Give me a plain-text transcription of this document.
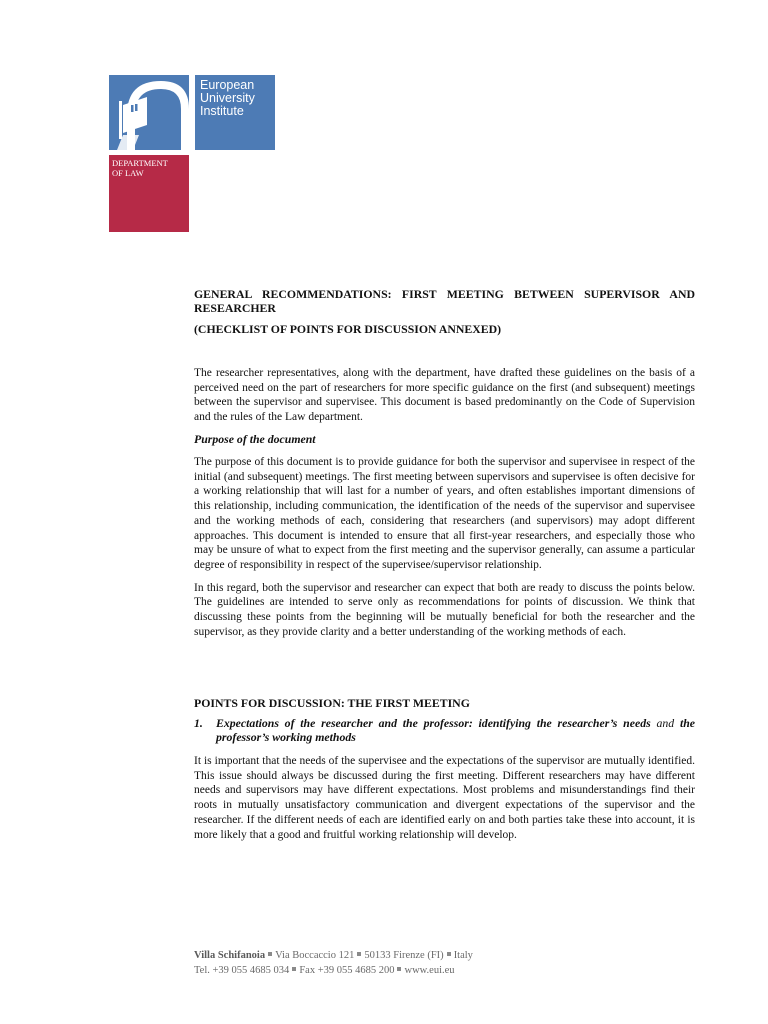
European
University
Institute
DEPARTMENT
OF LAW

GENERAL RECOMMENDATIONS: FIRST MEETING BETWEEN SUPERVISOR AND RESEARCHER

(CHECKLIST OF POINTS FOR DISCUSSION ANNEXED)

The researcher representatives, along with the department, have drafted these guidelines on the basis of a perceived need on the part of researchers for more specific guidance on the first (and subsequent) meetings between the supervisor and supervisee. This document is based predominantly on the Code of Supervision and the rules of the Law department.

Purpose of the document

The purpose of this document is to provide guidance for both the supervisor and supervisee in respect of the initial (and subsequent) meetings. The first meeting between supervisors and supervisee is often decisive for a working relationship that will last for a number of years, and often establishes important dimensions of this relationship, including communication, the identification of the needs of the supervisor and supervisee and the working methods of each, considering that researchers (and supervisors) may adopt different approaches. This document is intended to ensure that all first-year researchers, and especially those who may be unsure of what to expect from the first meeting and the supervisor generally, can assume a particular degree of responsibility in respect of the supervisee/supervisor relationship.

In this regard, both the supervisor and researcher can expect that both are ready to discuss the points below. The guidelines are intended to serve only as recommendations for points of discussion. We think that discussing these points from the beginning will be mutually beneficial for both the researcher and the supervisor, as they provide clarity and a better understanding of the working methods of each.

POINTS FOR DISCUSSION: THE FIRST MEETING

1. Expectations of the researcher and the professor: identifying the researcher’s needs and the professor’s working methods

It is important that the needs of the supervisee and the expectations of the supervisor are mutually identified. This issue should always be discussed during the first meeting. Different researchers may have different needs and supervisors may have different expectations. Most problems and misunderstandings find their roots in mutually unsatisfactory communication and divergent expectations of the supervisor and the researcher. If the different needs of each are identified early on and both parties take these into account, it is more likely that a good and fruitful working relationship will develop.

Villa Schifanoia Via Boccaccio 121 50133 Firenze (FI) Italy
Tel. +39 055 4685 034 Fax +39 055 4685 200 www.eui.eu
